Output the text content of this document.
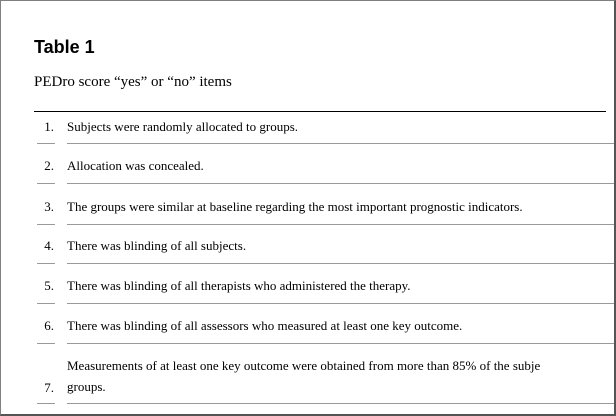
Table 1

PEDro score “yes” or “no” items

1. Subjects were randomly allocated to groups.
2. Allocation was concealed.
3. The groups were similar at baseline regarding the most important prognostic indicators.
4. There was blinding of all subjects.
5. There was blinding of all therapists who administered the therapy.
6. There was blinding of all assessors who measured at least one key outcome.
Measurements of at least one key outcome were obtained from more than 85% of the subje
7. groups.
